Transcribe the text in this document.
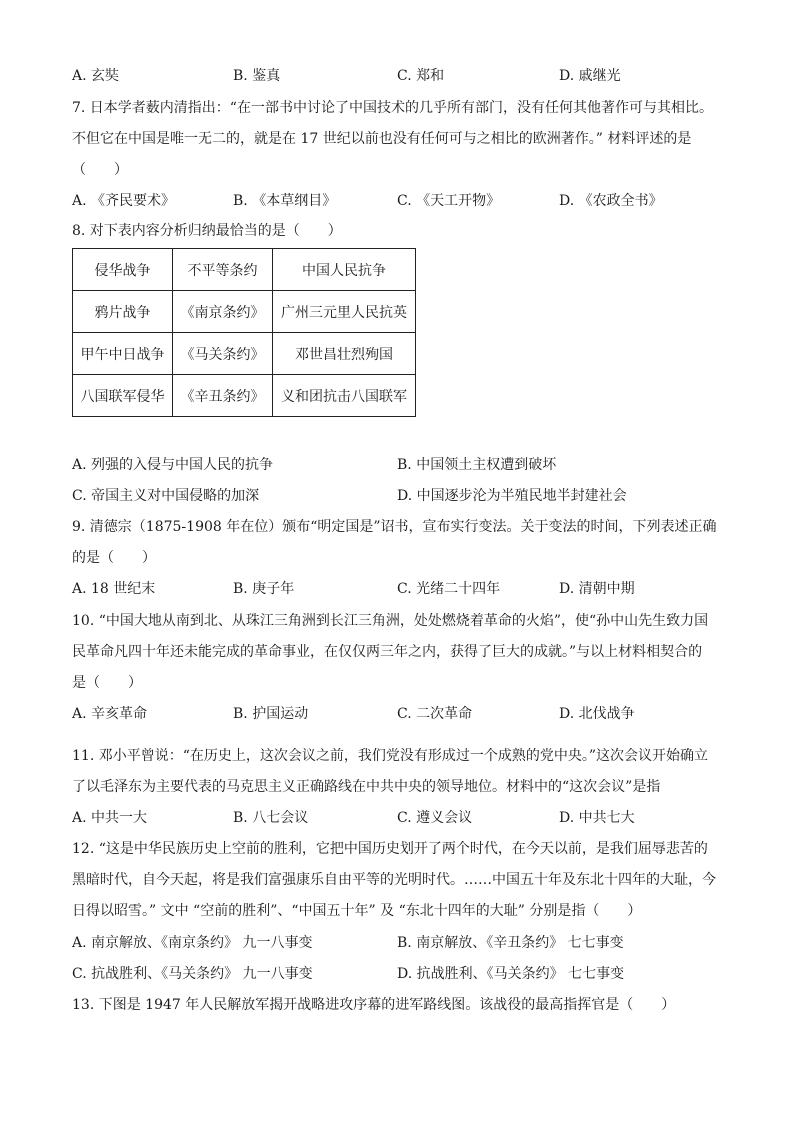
A. 玄奘	B. 鉴真	C. 郑和	D. 戚继光
7. 日本学者薮内清指出：“在一部书中讨论了中国技术的几乎所有部门，没有任何其他著作可与其相比。
不但它在中国是唯一无二的，就是在 17 世纪以前也没有任何可与之相比的欧洲著作。” 材料评述的是
（　　）
A. 《齐民要术》	B. 《本草纲目》	C. 《天工开物》	D. 《农政全书》
8. 对下表内容分析归纳最恰当的是（　　）
侵华战争	不平等条约	中国人民抗争
鸦片战争	《南京条约》	广州三元里人民抗英
甲午中日战争	《马关条约》	邓世昌壮烈殉国
八国联军侵华	《辛丑条约》	义和团抗击八国联军
A. 列强的入侵与中国人民的抗争	B. 中国领土主权遭到破坏
C. 帝国主义对中国侵略的加深	D. 中国逐步沦为半殖民地半封建社会
9. 清德宗（1875-1908 年在位）颁布“明定国是”诏书，宣布实行变法。关于变法的时间，下列表述正确
的是（　　）
A. 18 世纪末	B. 庚子年	C. 光绪二十四年	D. 清朝中期
10. “中国大地从南到北、从珠江三角洲到长江三角洲，处处燃烧着革命的火焰”，使“孙中山先生致力国
民革命凡四十年还未能完成的革命事业，在仅仅两三年之内，获得了巨大的成就。”与以上材料相契合的
是（　　）
A. 辛亥革命	B. 护国运动	C. 二次革命	D. 北伐战争
11. 邓小平曾说：“在历史上，这次会议之前，我们党没有形成过一个成熟的党中央。”这次会议开始确立
了以毛泽东为主要代表的马克思主义正确路线在中共中央的领导地位。材料中的“这次会议”是指
A. 中共一大	B. 八七会议	C. 遵义会议	D. 中共七大
12. “这是中华民族历史上空前的胜利，它把中国历史划开了两个时代，在今天以前，是我们屈辱悲苦的
黑暗时代，自今天起，将是我们富强康乐自由平等的光明时代。……中国五十年及东北十四年的大耻，今
日得以昭雪。” 文中 “空前的胜利”、“中国五十年” 及 “东北十四年的大耻” 分别是指（　　）
A. 南京解放、《南京条约》 九一八事变	B. 南京解放、《辛丑条约》 七七事变
C. 抗战胜利、《马关条约》 九一八事变	D. 抗战胜利、《马关条约》 七七事变
13. 下图是 1947 年人民解放军揭开战略进攻序幕的进军路线图。该战役的最高指挥官是（　　）
